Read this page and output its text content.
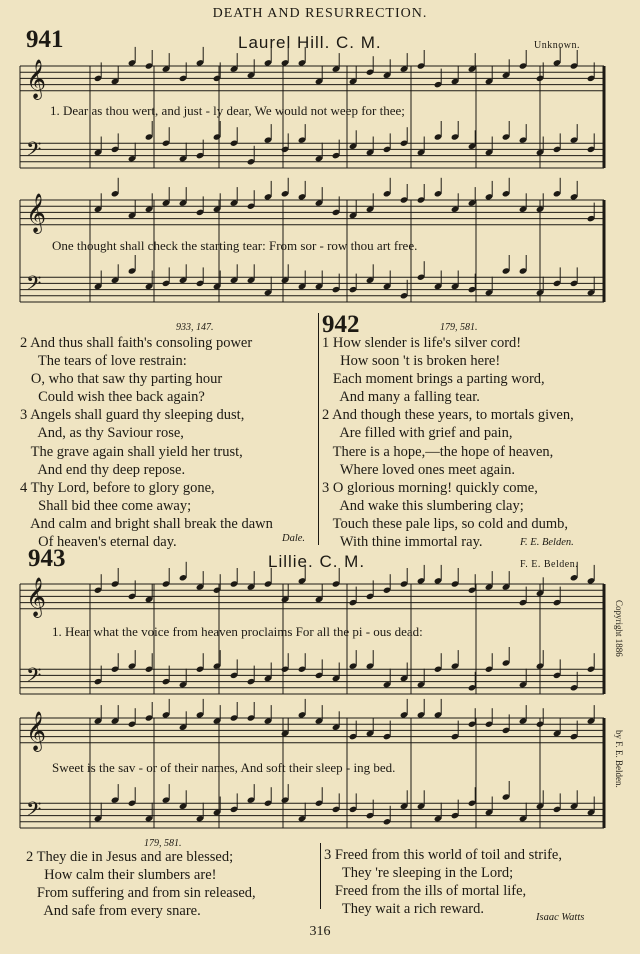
DEATH AND RESURRECTION.
941	Laurel Hill. C. M.	Unknown.
𝄞
𝄢
1. Dear as thou wert, and just - ly dear, We would not weep for thee;
𝄞
𝄢
One thought shall check the starting tear: From sor - row thou art free.
933, 147.
2 And thus shall faith's consoling power
The tears of love restrain:
O, who that saw thy parting hour
Could wish thee back again?
3 Angels shall guard thy sleeping dust,
And, as thy Saviour rose,
The grave again shall yield her trust,
And end thy deep repose.
4 Thy Lord, before to glory gone,
Shall bid thee come away;
And calm and bright shall break the dawn
Of heaven's eternal day.	Dale.
942	179, 581.
1 How slender is life's silver cord!
How soon 't is broken here!
Each moment brings a parting word,
And many a falling tear.
2 And though these years, to mortals given,
Are filled with grief and pain,
There is a hope,—the hope of heaven,
Where loved ones meet again.
3 O glorious morning! quickly come,
And wake this slumbering clay;
Touch these pale lips, so cold and dumb,
With thine immortal ray.	F. E. Belden.
943	Lillie. C. M.	F. E. Belden.
Copyright 1886
by F. E. Belden.
𝄞
𝄢
1. Hear what the voice from heaven proclaims For all the pi - ous dead:
𝄞
𝄢
Sweet is the sav - or of their names, And soft their sleep - ing bed.
179, 581.
2 They die in Jesus and are blessed;
How calm their slumbers are!
From suffering and from sin released,
And safe from every snare.
3 Freed from this world of toil and strife,
They 're sleeping in the Lord;
Freed from the ills of mortal life,
They wait a rich reward.
Isaac Watts
316
